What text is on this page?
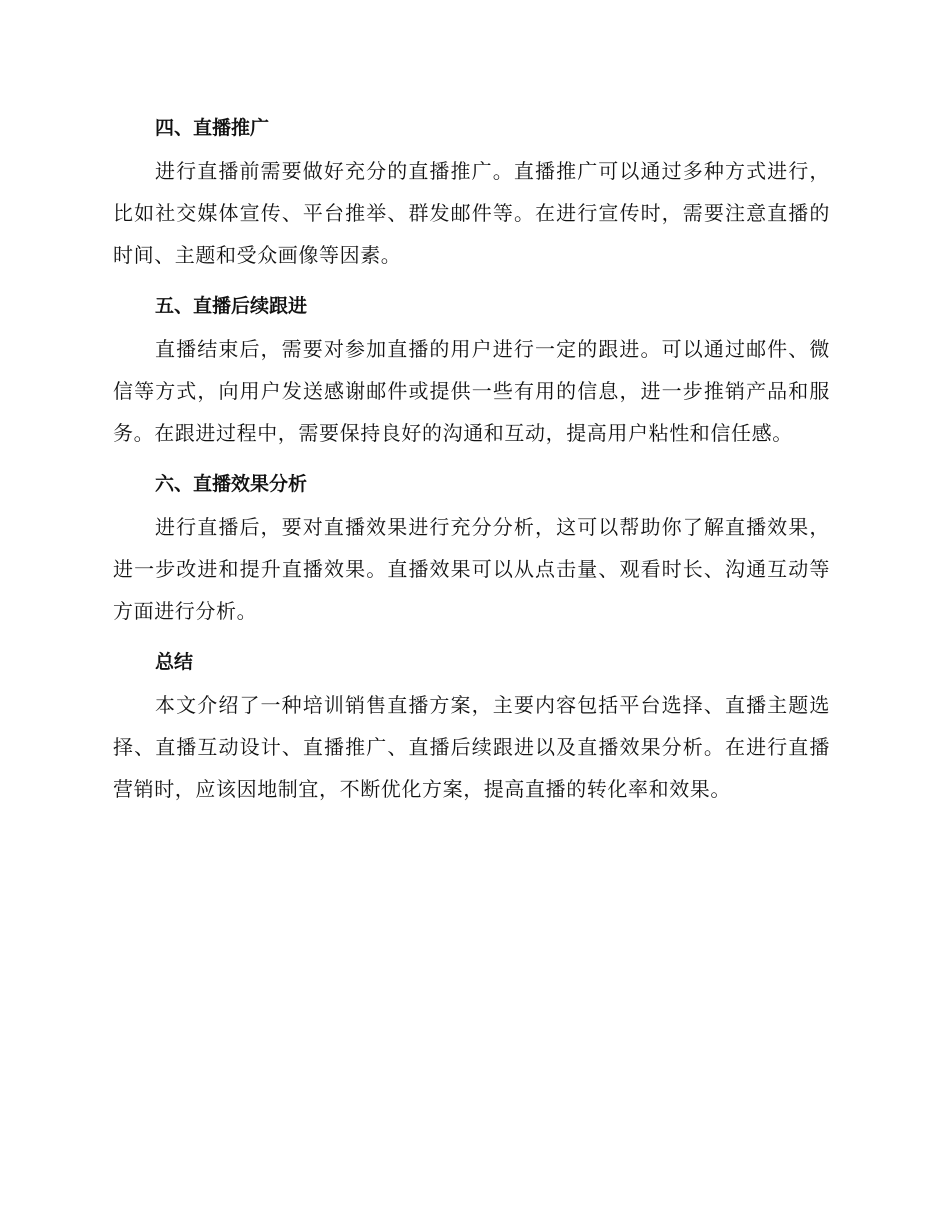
四、直播推广

进行直播前需要做好充分的直播推广。直播推广可以通过多种方式进行，比如社交媒体宣传、平台推举、群发邮件等。在进行宣传时，需要注意直播的时间、主题和受众画像等因素。

五、直播后续跟进

直播结束后，需要对参加直播的用户进行一定的跟进。可以通过邮件、微信等方式，向用户发送感谢邮件或提供一些有用的信息，进一步推销产品和服务。在跟进过程中，需要保持良好的沟通和互动，提高用户粘性和信任感。

六、直播效果分析

进行直播后，要对直播效果进行充分分析，这可以帮助你了解直播效果，进一步改进和提升直播效果。直播效果可以从点击量、观看时长、沟通互动等方面进行分析。

总结

本文介绍了一种培训销售直播方案，主要内容包括平台选择、直播主题选择、直播互动设计、直播推广、直播后续跟进以及直播效果分析。在进行直播营销时，应该因地制宜，不断优化方案，提高直播的转化率和效果。
